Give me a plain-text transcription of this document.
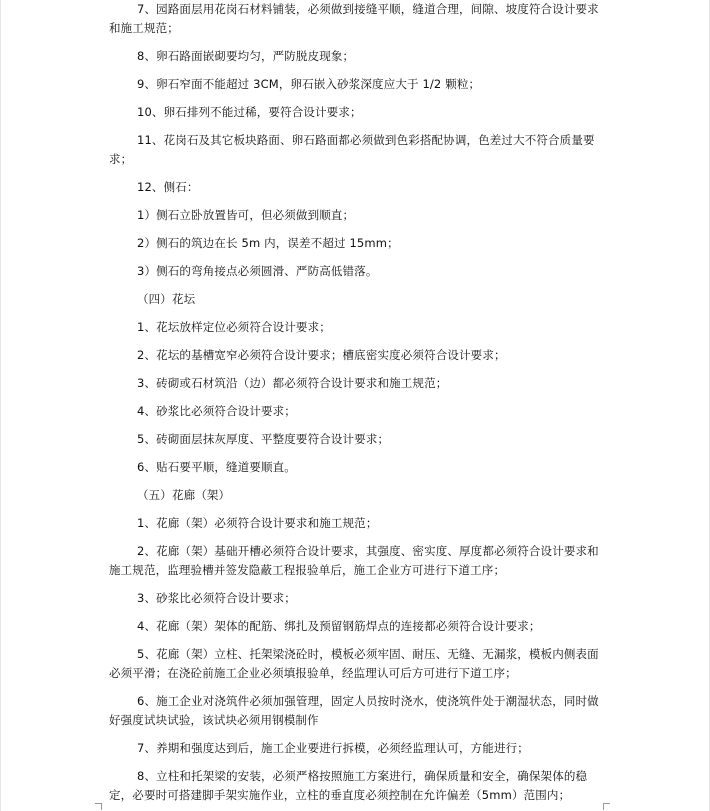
7、园路面层用花岗石材料铺装，必须做到接缝平顺，缝道合理，间隙、坡度符合设计要求和施工规范；

8、卵石路面嵌砌要均匀，严防脱皮现象；

9、卵石窄面不能超过 3CM，卵石嵌入砂浆深度应大于 1/2 颗粒；

10、卵石排列不能过稀，要符合设计要求；

11、花岗石及其它板块路面、卵石路面都必须做到色彩搭配协调，色差过大不符合质量要求；

12、侧石：

1）侧石立卧放置皆可，但必须做到顺直；

2）侧石的筑边在长 5m 内，误差不超过 15mm；

3）侧石的弯角接点必须圆滑、严防高低错落。

（四）花坛

1、花坛放样定位必须符合设计要求；

2、花坛的基槽宽窄必须符合设计要求；槽底密实度必须符合设计要求；

3、砖砌或石材筑沿（边）都必须符合设计要求和施工规范；

4、砂浆比必须符合设计要求；

5、砖砌面层抹灰厚度、平整度要符合设计要求；

6、贴石要平顺，缝道要顺直。

（五）花廊（架）

1、花廊（架）必须符合设计要求和施工规范；

2、花廊（架）基础开槽必须符合设计要求，其强度、密实度、厚度都必须符合设计要求和施工规范，监理验槽并签发隐蔽工程报验单后，施工企业方可进行下道工序；

3、砂浆比必须符合设计要求；

4、花廊（架）架体的配筋、绑扎及预留钢筋焊点的连接都必须符合设计要求；

5、花廊（架）立柱、托架梁浇砼时，模板必须牢固、耐压、无缝、无漏浆，模板内侧表面必须平滑；在浇砼前施工企业必须填报验单，经监理认可后方可进行下道工序；

6、施工企业对浇筑件必须加强管理，固定人员按时浇水，使浇筑件处于潮湿状态，同时做好强度试块试验，该试块必须用钢模制作

7、养期和强度达到后，施工企业要进行拆模，必须经监理认可，方能进行；

8、立柱和托架梁的安装，必须严格按照施工方案进行，确保质量和安全，确保架体的稳定，必要时可搭建脚手架实施作业，立柱的垂直度必须控制在允许偏差（5mm）范围内；
